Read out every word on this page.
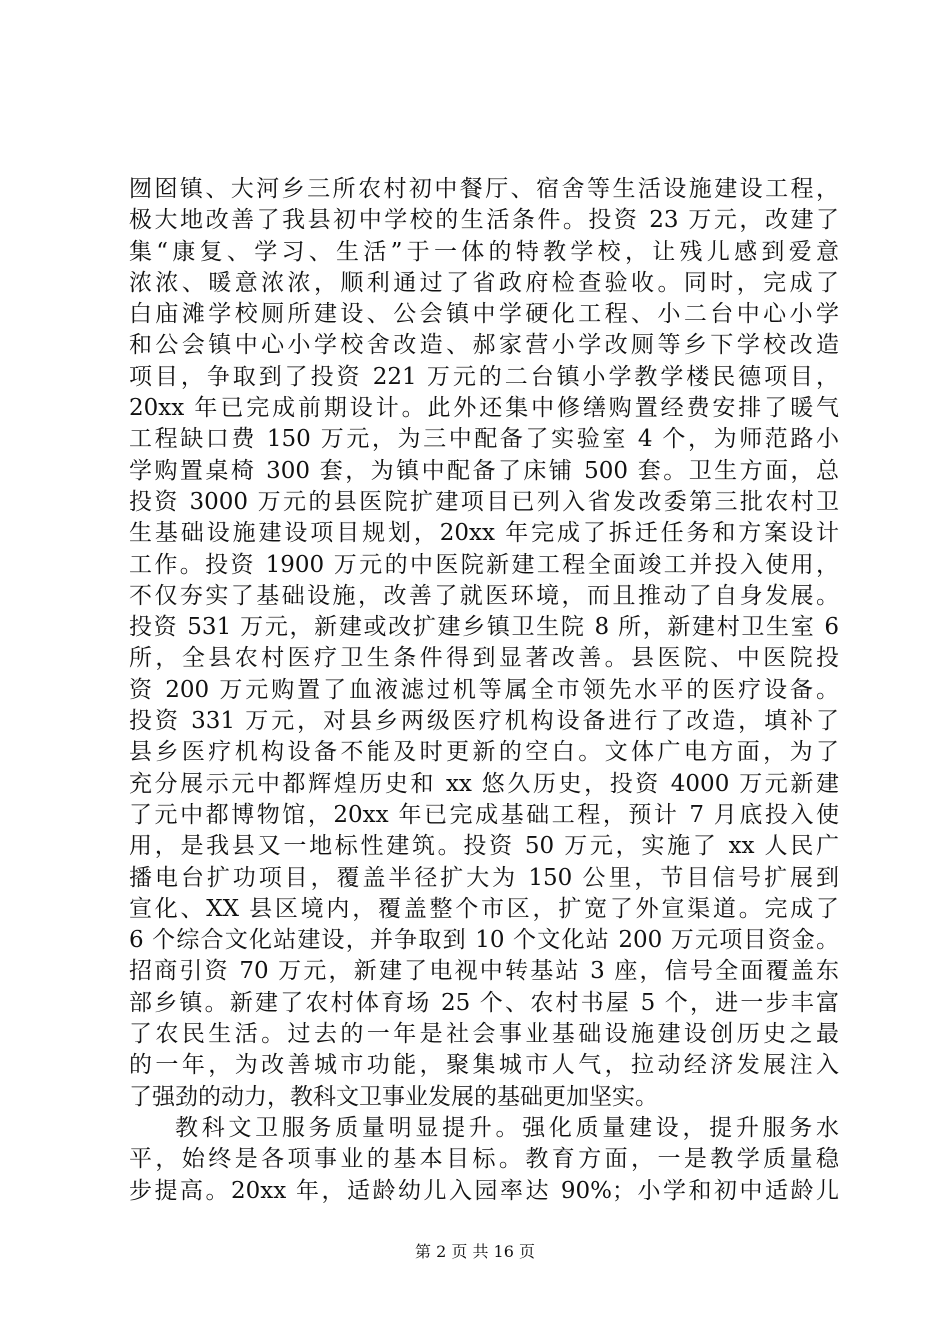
囫囵镇、大河乡三所农村初中餐厅、宿舍等生活设施建设工程，
极大地改善了我县初中学校的生活条件。投资 23 万元，改建了
集“康复、学习、生活”于一体的特教学校，让残儿感到爱意
浓浓、暖意浓浓，顺利通过了省政府检查验收。同时，完成了
白庙滩学校厕所建设、公会镇中学硬化工程、小二台中心小学
和公会镇中心小学校舍改造、郝家营小学改厕等乡下学校改造
项目，争取到了投资 221 万元的二台镇小学教学楼民德项目，
20xx 年已完成前期设计。此外还集中修缮购置经费安排了暖气
工程缺口费 150 万元，为三中配备了实验室 4 个，为师范路小
学购置桌椅 300 套，为镇中配备了床铺 500 套。卫生方面，总
投资 3000 万元的县医院扩建项目已列入省发改委第三批农村卫
生基础设施建设项目规划，20xx 年完成了拆迁任务和方案设计
工作。投资 1900 万元的中医院新建工程全面竣工并投入使用，
不仅夯实了基础设施，改善了就医环境，而且推动了自身发展。
投资 531 万元，新建或改扩建乡镇卫生院 8 所，新建村卫生室 6
所，全县农村医疗卫生条件得到显著改善。县医院、中医院投
资 200 万元购置了血液滤过机等属全市领先水平的医疗设备。
投资 331 万元，对县乡两级医疗机构设备进行了改造，填补了
县乡医疗机构设备不能及时更新的空白。文体广电方面，为了
充分展示元中都辉煌历史和 xx 悠久历史，投资 4000 万元新建
了元中都博物馆，20xx 年已完成基础工程，预计 7 月底投入使
用，是我县又一地标性建筑。投资 50 万元，实施了 xx 人民广
播电台扩功项目，覆盖半径扩大为 150 公里，节目信号扩展到
宣化、XX 县区境内，覆盖整个市区，扩宽了外宣渠道。完成了
6 个综合文化站建设，并争取到 10 个文化站 200 万元项目资金。
招商引资 70 万元，新建了电视中转基站 3 座，信号全面覆盖东
部乡镇。新建了农村体育场 25 个、农村书屋 5 个，进一步丰富
了农民生活。过去的一年是社会事业基础设施建设创历史之最
的一年，为改善城市功能，聚集城市人气，拉动经济发展注入
了强劲的动力，教科文卫事业发展的基础更加坚实。
教科文卫服务质量明显提升。强化质量建设，提升服务水
平，始终是各项事业的基本目标。教育方面，一是教学质量稳
步提高。20xx 年，适龄幼儿入园率达 90%；小学和初中适龄儿
第 2 页 共 16 页
